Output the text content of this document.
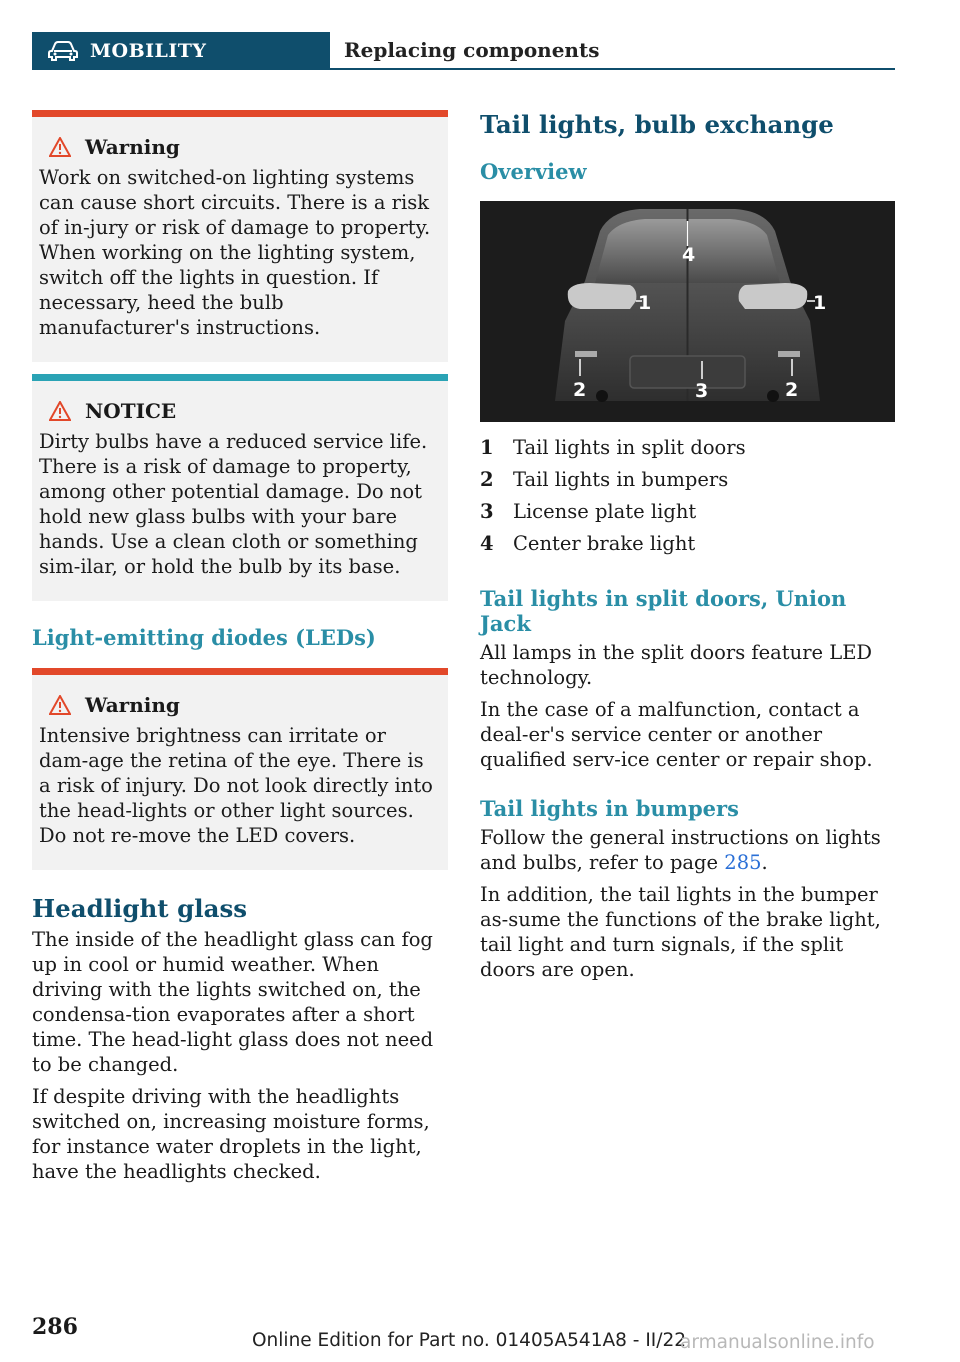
MOBILITY	Replacing components
Warning
Work on switched-on lighting systems can cause short circuits. There is a risk of in‐jury or risk of damage to property. When working on the lighting system, switch off the lights in question. If necessary, heed the bulb manufacturer's instructions.
NOTICE
Dirty bulbs have a reduced service life. There is a risk of damage to property, among other potential damage. Do not hold new glass bulbs with your bare hands. Use a clean cloth or something sim‐ilar, or hold the bulb by its base.
Light-emitting diodes (LEDs)
Warning
Intensive brightness can irritate or dam‐age the retina of the eye. There is a risk of injury. Do not look directly into the head‐lights or other light sources. Do not re‐move the LED covers.
Headlight glass

The inside of the headlight glass can fog up in cool or humid weather. When driving with the lights switched on, the condensa‐tion evaporates after a short time. The head‐light glass does not need to be changed.

If despite driving with the headlights switched on, increasing moisture forms, for instance water droplets in the light, have the headlights checked.

Tail lights, bulb exchange
Overview
4
1	1
2	3	2
1 Tail lights in split doors
2 Tail lights in bumpers
3 License plate light
4 Center brake light
Tail lights in split doors, Union Jack

All lamps in the split doors feature LED technology.

In the case of a malfunction, contact a deal‐er's service center or another qualified serv‐ice center or repair shop.

Tail lights in bumpers

Follow the general instructions on lights and bulbs, refer to page 285.

In addition, the tail lights in the bumper as‐sume the functions of the brake light, tail light and turn signals, if the split doors are open.

286
Online Edition for Part no. 01405A541A8 - II/22
armanualsonline.info
